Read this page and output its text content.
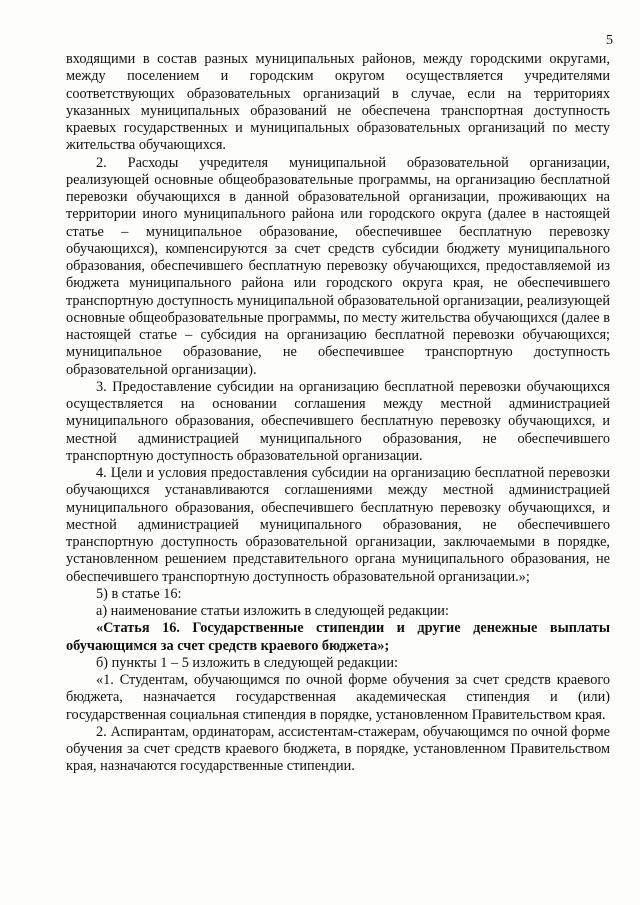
5

входящими в состав разных муниципальных районов, между городскими округами, между поселением и городским округом осуществляется учредителями соответствующих образовательных организаций в случае, если на территориях указанных муниципальных образований не обеспечена транспортная доступность краевых государственных и муниципальных образовательных организаций по месту жительства обучающихся.

2. Расходы учредителя муниципальной образовательной организации, реализующей основные общеобразовательные программы, на организацию бесплатной перевозки обучающихся в данной образовательной организации, проживающих на территории иного муниципального района или городского округа (далее в настоящей статье – муниципальное образование, обеспечившее бесплатную перевозку обучающихся), компенсируются за счет средств субсидии бюджету муниципального образования, обеспечившего бесплатную перевозку обучающихся, предоставляемой из бюджета муниципального района или городского округа края, не обеспечившего транспортную доступность муниципальной образовательной организации, реализующей основные общеобразовательные программы, по месту жительства обучающихся (далее в настоящей статье – субсидия на организацию бесплатной перевозки обучающихся; муниципальное образование, не обеспечившее транспортную доступность образовательной организации).

3. Предоставление субсидии на организацию бесплатной перевозки обучающихся осуществляется на основании соглашения между местной администрацией муниципального образования, обеспечившего бесплатную перевозку обучающихся, и местной администрацией муниципального образования, не обеспечившего транспортную доступность образовательной организации.

4. Цели и условия предоставления субсидии на организацию бесплатной перевозки обучающихся устанавливаются соглашениями между местной администрацией муниципального образования, обеспечившего бесплатную перевозку обучающихся, и местной администрацией муниципального образования, не обеспечившего транспортную доступность образовательной организации, заключаемыми в порядке, установленном решением представительного органа муниципального образования, не обеспечившего транспортную доступность образовательной организации.»;

5) в статье 16:

а) наименование статьи изложить в следующей редакции:

«Статья 16. Государственные стипендии и другие денежные выплаты обучающимся за счет средств краевого бюджета»;

б) пункты 1 – 5 изложить в следующей редакции:

«1. Студентам, обучающимся по очной форме обучения за счет средств краевого бюджета, назначается государственная академическая стипендия и (или) государственная социальная стипендия в порядке, установленном Правительством края.

2. Аспирантам, ординаторам, ассистентам-стажерам, обучающимся по очной форме обучения за счет средств краевого бюджета, в порядке, установленном Правительством края, назначаются государственные стипендии.
